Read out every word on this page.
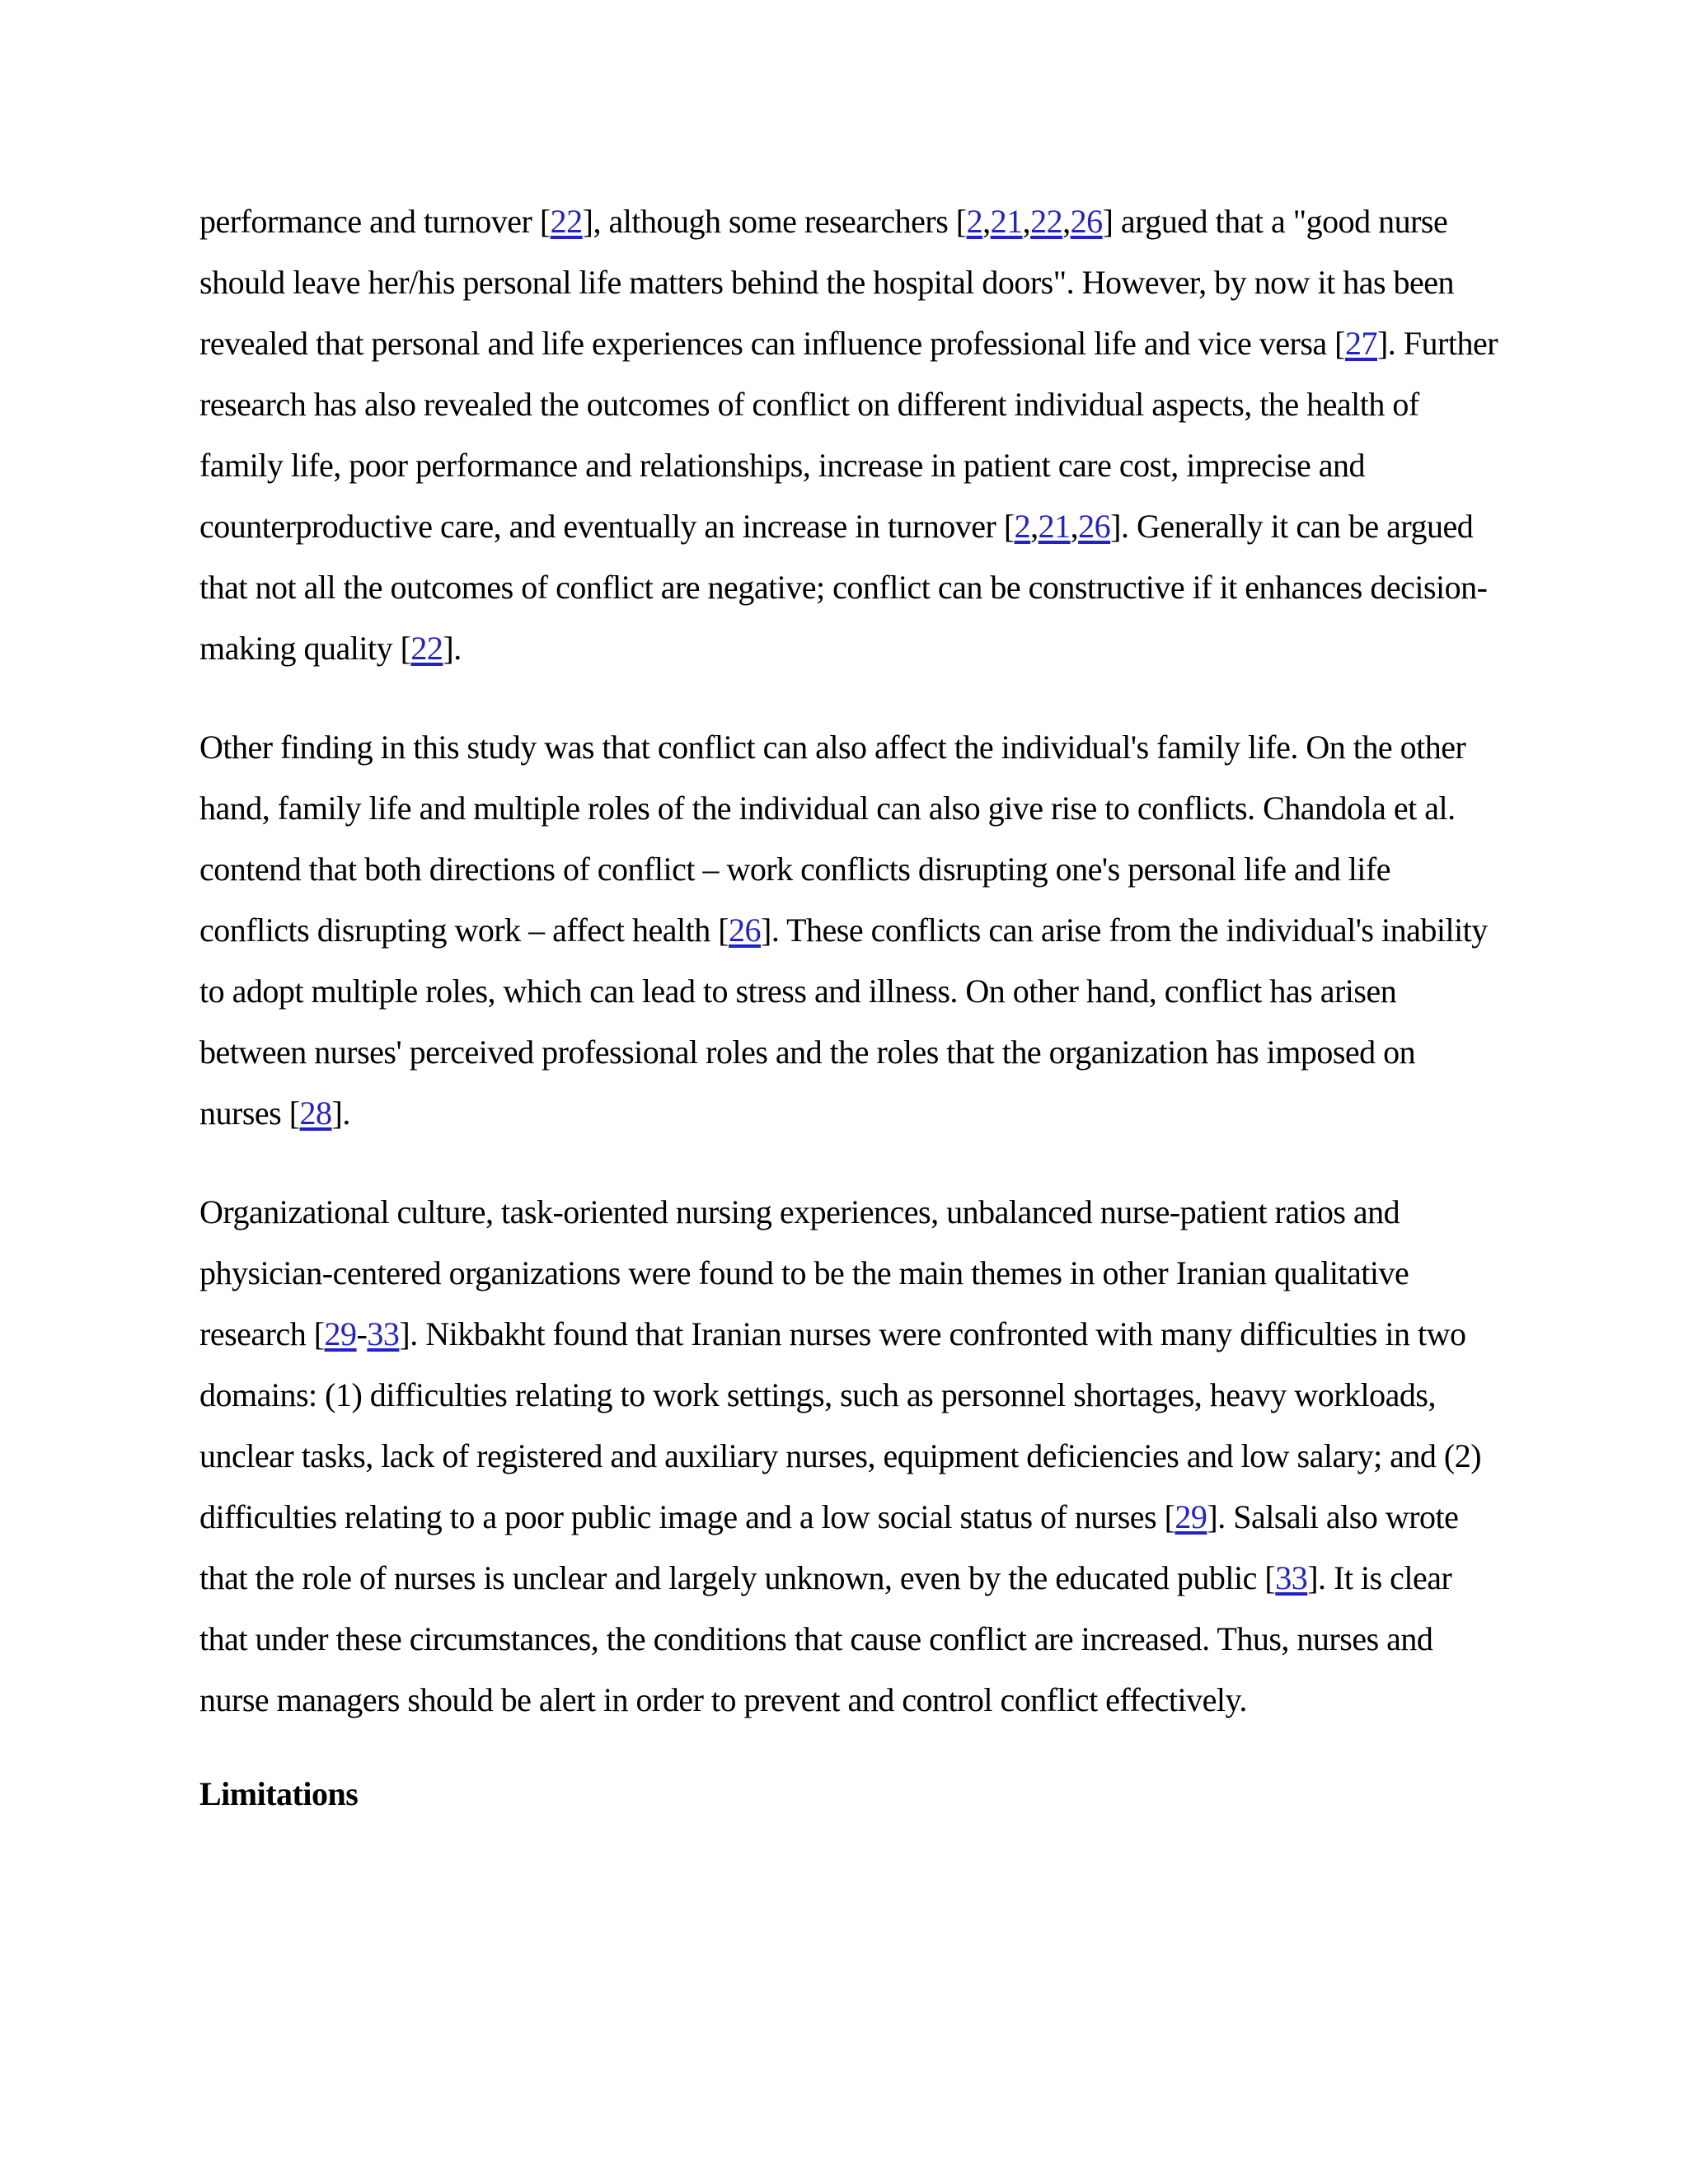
performance and turnover [22], although some researchers [2,21,22,26] argued that a "good nurse should leave her/his personal life matters behind the hospital doors". However, by now it has been revealed that personal and life experiences can influence professional life and vice versa [27]. Further research has also revealed the outcomes of conflict on different individual aspects, the health of family life, poor performance and relationships, increase in patient care cost, imprecise and counterproductive care, and eventually an increase in turnover [2,21,26]. Generally it can be argued that not all the outcomes of conflict are negative; conflict can be constructive if it enhances decision-making quality [22].

Other finding in this study was that conflict can also affect the individual's family life. On the other hand, family life and multiple roles of the individual can also give rise to conflicts. Chandola et al. contend that both directions of conflict – work conflicts disrupting one's personal life and life conflicts disrupting work – affect health [26]. These conflicts can arise from the individual's inability to adopt multiple roles, which can lead to stress and illness. On other hand, conflict has arisen between nurses' perceived professional roles and the roles that the organization has imposed on nurses [28].

Organizational culture, task-oriented nursing experiences, unbalanced nurse-patient ratios and physician-centered organizations were found to be the main themes in other Iranian qualitative research [29-33]. Nikbakht found that Iranian nurses were confronted with many difficulties in two domains: (1) difficulties relating to work settings, such as personnel shortages, heavy workloads, unclear tasks, lack of registered and auxiliary nurses, equipment deficiencies and low salary; and (2) difficulties relating to a poor public image and a low social status of nurses [29]. Salsali also wrote that the role of nurses is unclear and largely unknown, even by the educated public [33]. It is clear that under these circumstances, the conditions that cause conflict are increased. Thus, nurses and nurse managers should be alert in order to prevent and control conflict effectively.

Limitations
